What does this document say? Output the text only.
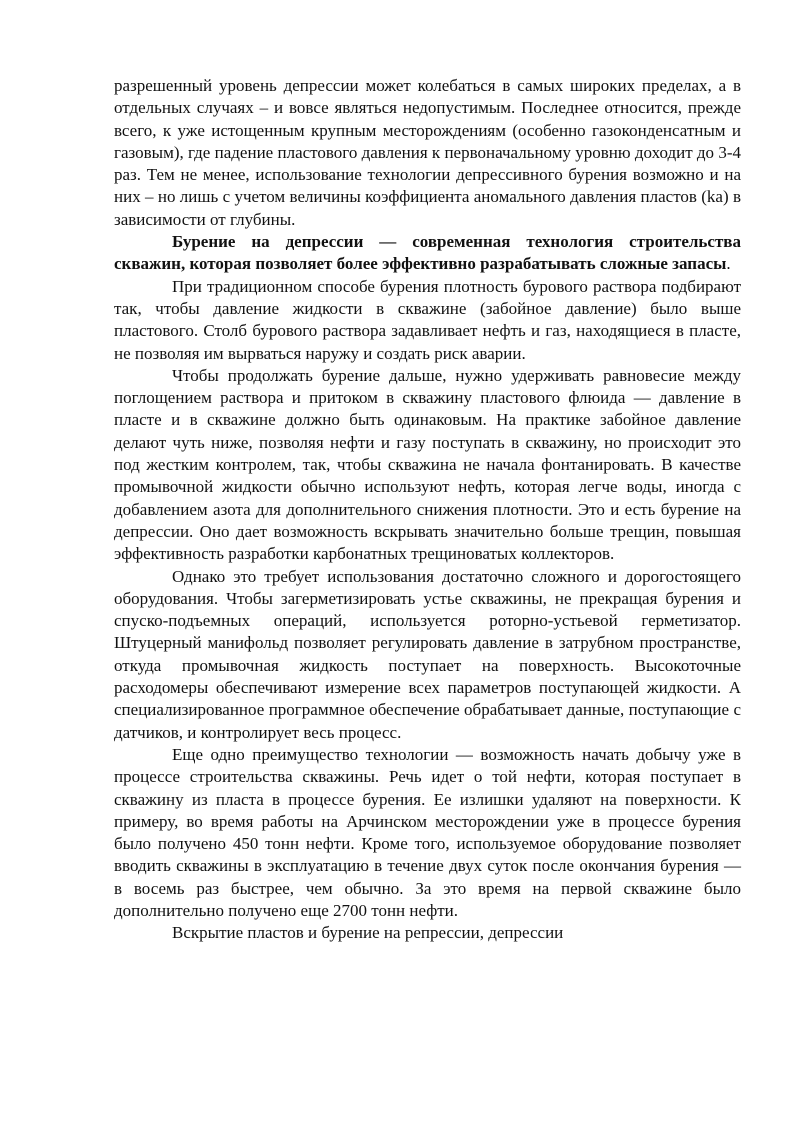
разрешенный уровень депрессии может колебаться в самых широких пределах, а в отдельных случаях – и вовсе являться недопустимым. Последнее относится, прежде всего, к уже истощенным крупным месторождениям (особенно газоконденсатным и газовым), где падение пластового давления к первоначальному уровню доходит до 3-4 раз. Тем не менее, использование технологии депрессивного бурения возможно и на них – но лишь с учетом величины коэффициента аномального давления пластов (ka) в зависимости от глубины.

Бурение на депрессии — современная технология строительства скважин, которая позволяет более эффективно разрабатывать сложные запасы.

При традиционном способе бурения плотность бурового раствора подбирают так, чтобы давление жидкости в скважине (забойное давление) было выше пластового. Столб бурового раствора задавливает нефть и газ, находящиеся в пласте, не позволяя им вырваться наружу и создать риск аварии.

Чтобы продолжать бурение дальше, нужно удерживать равновесие между поглощением раствора и притоком в скважину пластового флюида — давление в пласте и в скважине должно быть одинаковым. На практике забойное давление делают чуть ниже, позволяя нефти и газу поступать в скважину, но происходит это под жестким контролем, так, чтобы скважина не начала фонтанировать. В качестве промывочной жидкости обычно используют нефть, которая легче воды, иногда с добавлением азота для дополнительного снижения плотности. Это и есть бурение на депрессии. Оно дает возможность вскрывать значительно больше трещин, повышая эффективность разработки карбонатных трещиноватых коллекторов.

Однако это требует использования достаточно сложного и дорогостоящего оборудования. Чтобы загерметизировать устье скважины, не прекращая бурения и спуско-подъемных операций, используется роторно-устьевой герметизатор. Штуцерный манифольд позволяет регулировать давление в затрубном пространстве, откуда промывочная жидкость поступает на поверхность. Высокоточные расходомеры обеспечивают измерение всех параметров поступающей жидкости. А специализированное программное обеспечение обрабатывает данные, поступающие с датчиков, и контролирует весь процесс.

Еще одно преимущество технологии — возможность начать добычу уже в процессе строительства скважины. Речь идет о той нефти, которая поступает в скважину из пласта в процессе бурения. Ее излишки удаляют на поверхности. К примеру, во время работы на Арчинском месторождении уже в процессе бурения было получено 450 тонн нефти. Кроме того, используемое оборудование позволяет вводить скважины в эксплуатацию в течение двух суток после окончания бурения — в восемь раз быстрее, чем обычно. За это время на первой скважине было дополнительно получено еще 2700 тонн нефти.

Вскрытие пластов и бурение на репрессии, депрессии
